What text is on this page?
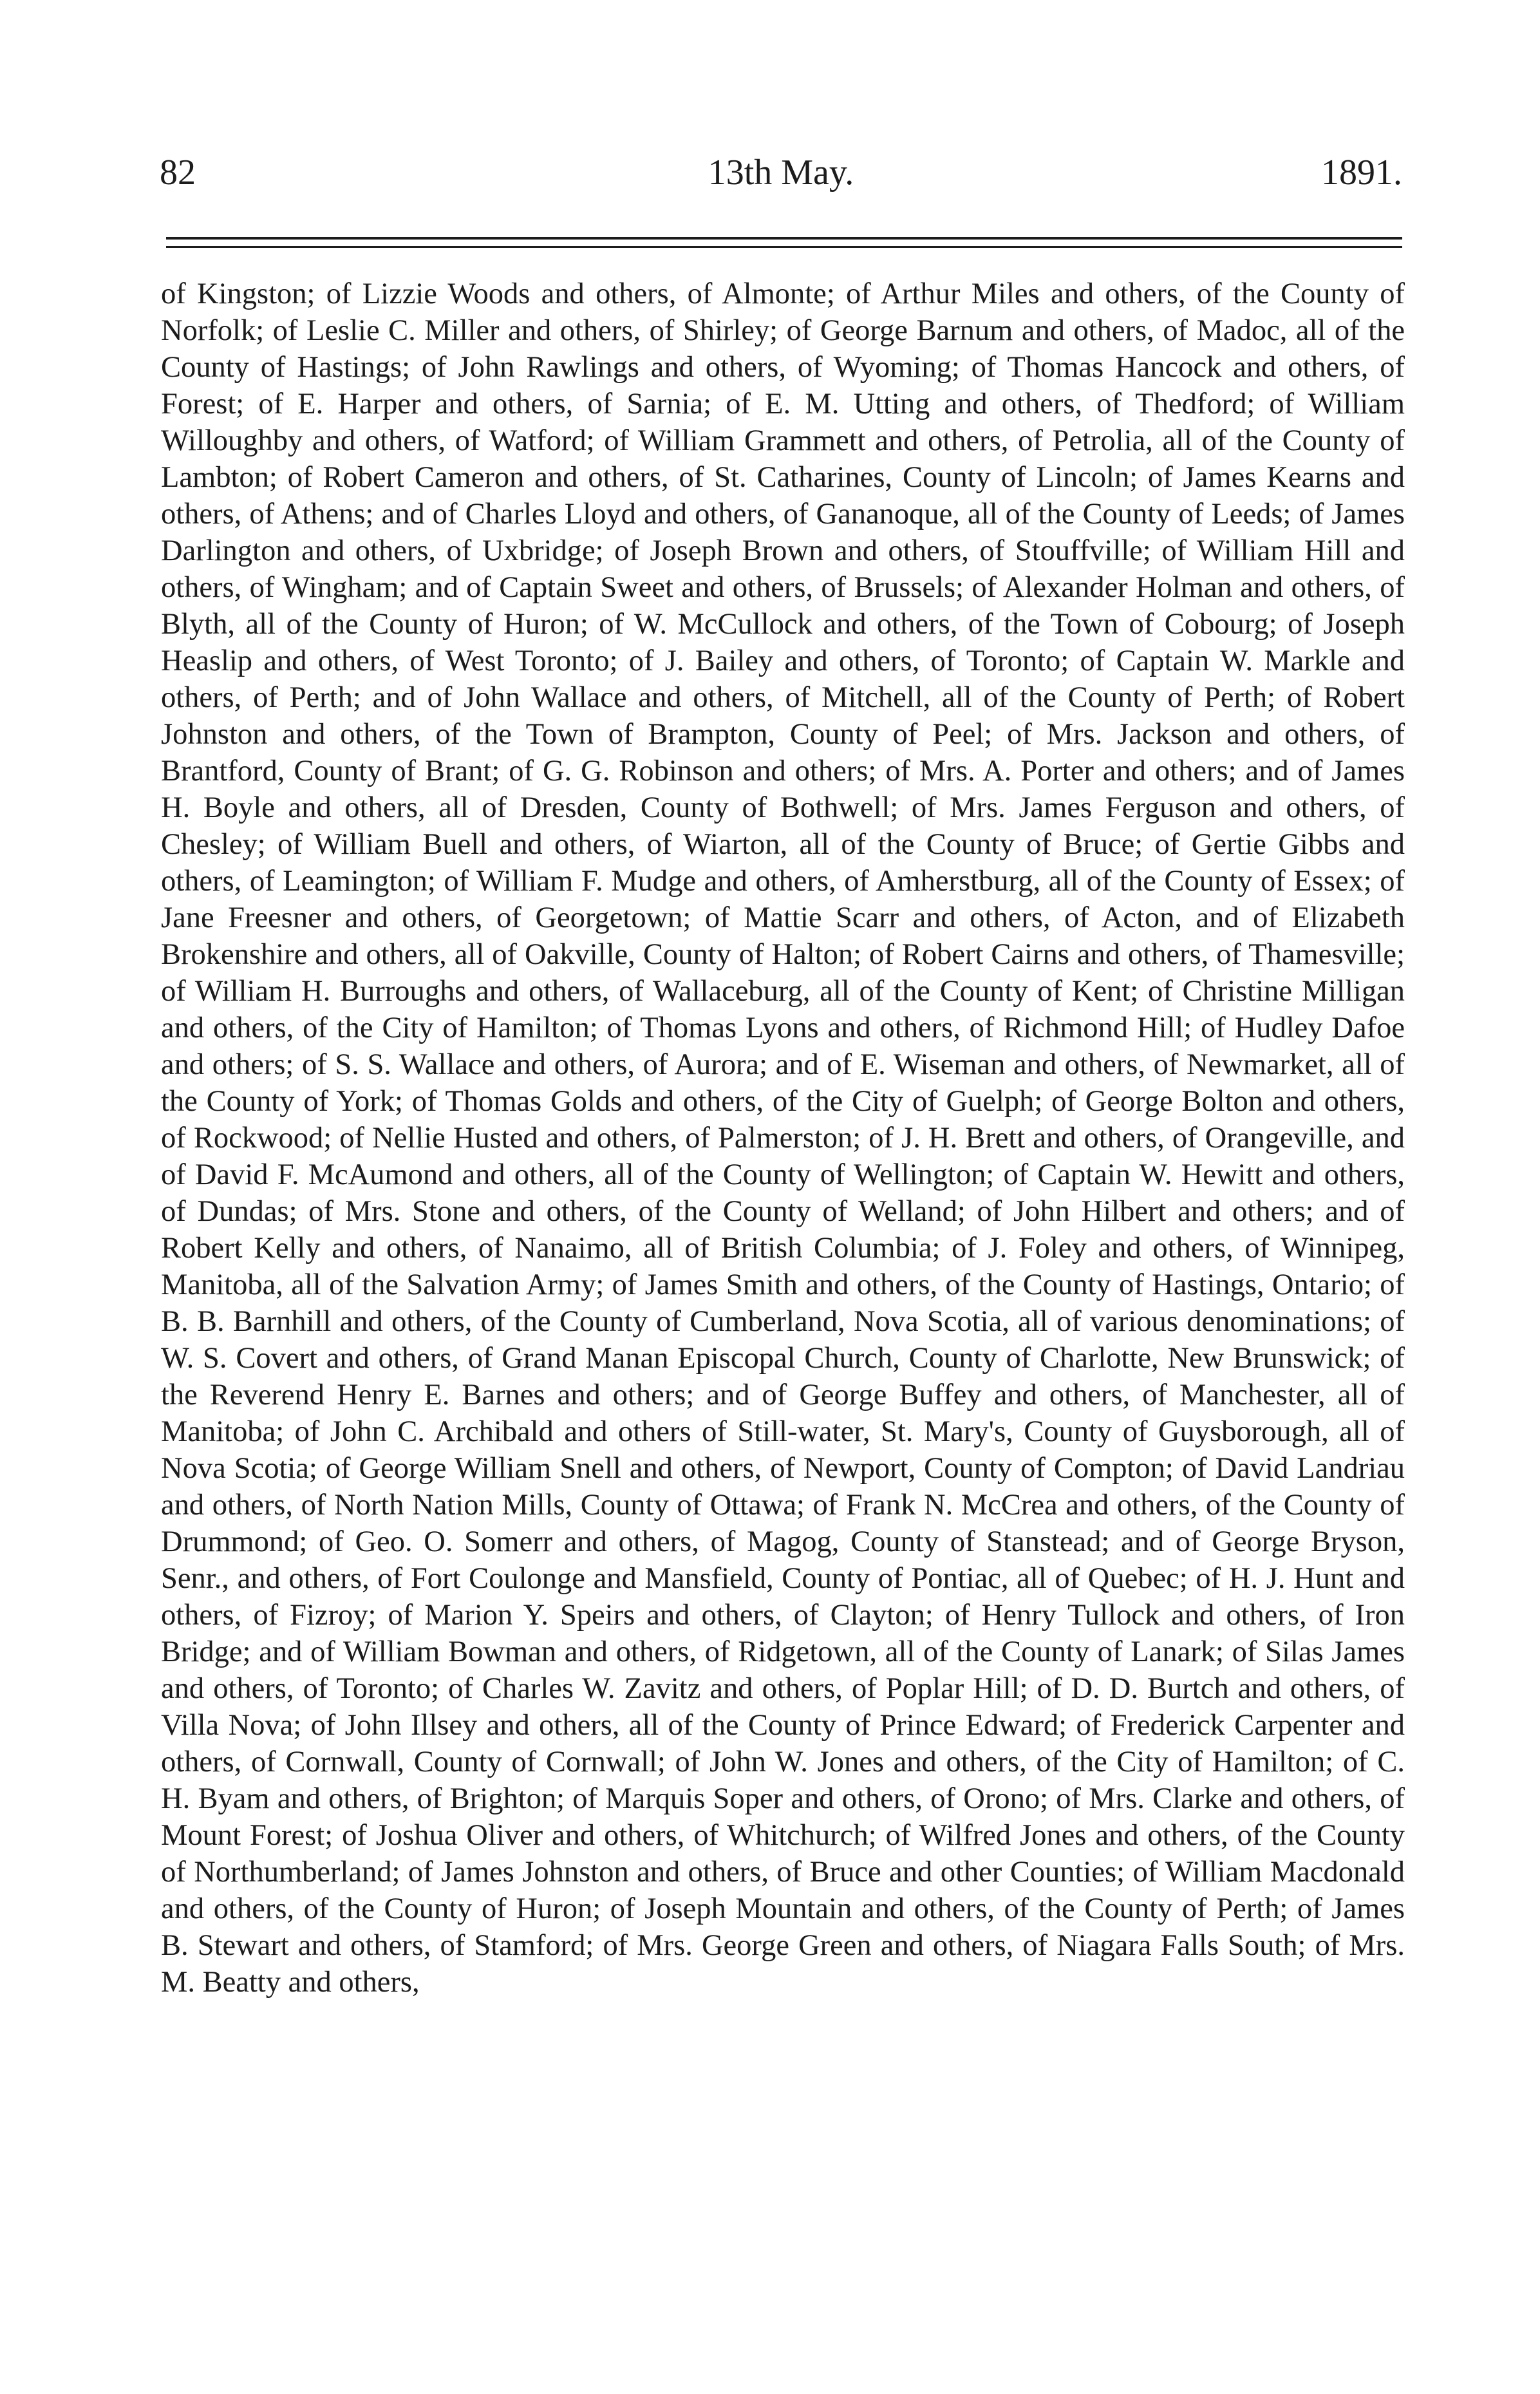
82	13th May.	1891.

of Kingston; of Lizzie Woods and others, of Almonte; of Arthur Miles and others, of the County of Norfolk; of Leslie C. Miller and others, of Shirley; of George Barnum and others, of Madoc, all of the County of Hastings; of John Rawlings and others, of Wyoming; of Thomas Hancock and others, of Forest; of E. Harper and others, of Sarnia; of E. M. Utting and others, of Thedford; of William Willoughby and others, of Watford; of William Grammett and others, of Petrolia, all of the County of Lambton; of Robert Cameron and others, of St. Catharines, County of Lincoln; of James Kearns and others, of Athens; and of Charles Lloyd and others, of Gananoque, all of the County of Leeds; of James Darlington and others, of Uxbridge; of Joseph Brown and others, of Stouffville; of William Hill and others, of Wingham; and of Captain Sweet and others, of Brussels; of Alexander Holman and others, of Blyth, all of the County of Huron; of W. McCullock and others, of the Town of Cobourg; of Joseph Heaslip and others, of West Toronto; of J. Bailey and others, of Toronto; of Captain W. Markle and others, of Perth; and of John Wallace and others, of Mitchell, all of the County of Perth; of Robert Johnston and others, of the Town of Brampton, County of Peel; of Mrs. Jackson and others, of Brantford, County of Brant; of G. G. Robinson and others; of Mrs. A. Porter and others; and of James H. Boyle and others, all of Dresden, County of Bothwell; of Mrs. James Ferguson and others, of Chesley; of William Buell and others, of Wiarton, all of the County of Bruce; of Gertie Gibbs and others, of Leamington; of William F. Mudge and others, of Amherstburg, all of the County of Essex; of Jane Freesner and others, of Georgetown; of Mattie Scarr and others, of Acton, and of Elizabeth Brokenshire and others, all of Oakville, County of Halton; of Robert Cairns and others, of Thamesville; of William H. Burroughs and others, of Wallaceburg, all of the County of Kent; of Christine Milligan and others, of the City of Hamilton; of Thomas Lyons and others, of Richmond Hill; of Hudley Dafoe and others; of S. S. Wallace and others, of Aurora; and of E. Wiseman and others, of Newmarket, all of the County of York; of Thomas Golds and others, of the City of Guelph; of George Bolton and others, of Rockwood; of Nellie Husted and others, of Palmerston; of J. H. Brett and others, of Orangeville, and of David F. McAumond and others, all of the County of Wellington; of Captain W. Hewitt and others, of Dundas; of Mrs. Stone and others, of the County of Welland; of John Hilbert and others; and of Robert Kelly and others, of Nanaimo, all of British Columbia; of J. Foley and others, of Winnipeg, Manitoba, all of the Salvation Army; of James Smith and others, of the County of Hastings, Ontario; of B. B. Barnhill and others, of the County of Cumberland, Nova Scotia, all of various denominations; of W. S. Covert and others, of Grand Manan Episcopal Church, County of Charlotte, New Brunswick; of the Reverend Henry E. Barnes and others; and of George Buffey and others, of Manchester, all of Manitoba; of John C. Archibald and others of Still-water, St. Mary's, County of Guysborough, all of Nova Scotia; of George William Snell and others, of Newport, County of Compton; of David Landriau and others, of North Nation Mills, County of Ottawa; of Frank N. McCrea and others, of the County of Drummond; of Geo. O. Somerr and others, of Magog, County of Stanstead; and of George Bryson, Senr., and others, of Fort Coulonge and Mansfield, County of Pontiac, all of Quebec; of H. J. Hunt and others, of Fizroy; of Marion Y. Speirs and others, of Clayton; of Henry Tullock and others, of Iron Bridge; and of William Bowman and others, of Ridgetown, all of the County of Lanark; of Silas James and others, of Toronto; of Charles W. Zavitz and others, of Poplar Hill; of D. D. Burtch and others, of Villa Nova; of John Illsey and others, all of the County of Prince Edward; of Frederick Carpenter and others, of Cornwall, County of Cornwall; of John W. Jones and others, of the City of Hamilton; of C. H. Byam and others, of Brighton; of Marquis Soper and others, of Orono; of Mrs. Clarke and others, of Mount Forest; of Joshua Oliver and others, of Whitchurch; of Wilfred Jones and others, of the County of Northumberland; of James Johnston and others, of Bruce and other Counties; of William Macdonald and others, of the County of Huron; of Joseph Mountain and others, of the County of Perth; of James B. Stewart and others, of Stamford; of Mrs. George Green and others, of Niagara Falls South; of Mrs. M. Beatty and others,
